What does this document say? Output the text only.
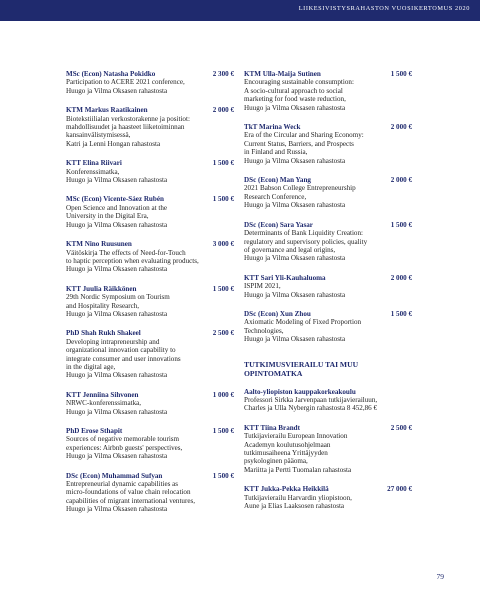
LIIKESIVISTYSRAHASTON VUOSIKERTOMUS 2020
MSc (Econ) Natasha Pokidko	2 300 €
Participation to ACERE 2021 conference,
Huugo ja Vilma Oksasen rahastosta
KTM Markus Raatikainen	2 000 €
Biotekstiilialan verkostorakenne ja positiot:
mahdollisuudet ja haasteet liiketoiminnan
kansainvälistymisessä,
Katri ja Lenni Hongan rahastosta
KTT Elina Riivari	1 500 €
Konferenssimatka,
Huugo ja Vilma Oksasen rahastosta
MSc (Econ) Vicente-Sáez Rubén	1 500 €
Open Science and Innovation at the
University in the Digital Era,
Huugo ja Vilma Oksasen rahastosta
KTM Nino Ruusunen	3 000 €
Väitöskirja The effects of Need-for-Touch
to haptic perception when evaluating products,
Huugo ja Vilma Oksasen rahastosta
KTT Juulia Räikkönen	1 500 €
29th Nordic Symposium on Tourism
and Hospitality Research,
Huugo ja Vilma Oksasen rahastosta
PhD Shah Rukh Shakeel	2 500 €
Developing intrapreneurship and
organizational innovation capability to
integrate consumer and user innovations
in the digital age,
Huugo ja Vilma Oksasen rahastosta
KTT Jenniina Sihvonen	1 000 €
NRWC-konferenssimatka,
Huugo ja Vilma Oksasen rahastosta
PhD Erose Sthapit	1 500 €
Sources of negative memorable tourism
experiences: Airbnb guests' perspectives,
Huugo ja Vilma Oksasen rahastosta
DSc (Econ) Muhammad Sufyan	1 500 €
Entrepreneurial dynamic capabilities as
micro-foundations of value chain relocation
capabilities of migrant international ventures,
Huugo ja Vilma Oksasen rahastosta
KTM Ulla-Maija Sutinen	1 500 €
Encouraging sustainable consumption:
A socio-cultural approach to social
marketing for food waste reduction,
Huugo ja Vilma Oksasen rahastosta
TkT Marina Weck	2 000 €
Era of the Circular and Sharing Economy:
Current Status, Barriers, and Prospects
in Finland and Russia,
Huugo ja Vilma Oksasen rahastosta
DSc (Econ) Man Yang	2 000 €
2021 Babson College Entrepreneurship
Research Conference,
Huugo ja Vilma Oksasen rahastosta
DSc (Econ) Sara Yasar	1 500 €
Determinants of Bank Liquidity Creation:
regulatory and supervisory policies, quality
of governance and legal origins,
Huugo ja Vilma Oksasen rahastosta
KTT Sari Yli-Kauhaluoma	2 000 €
ISPIM 2021,
Huugo ja Vilma Oksasen rahastosta
DSc (Econ) Xun Zhou	1 500 €
Axiomatic Modeling of Fixed Proportion
Technologies,
Huugo ja Vilma Oksasen rahastosta
TUTKIMUSVIERAILU TAI MUU
OPINTOMATKA
Aalto-yliopiston kauppakorkeakoulu
Professori Sirkka Jarvenpaan tutkijavierailuun,
Charles ja Ulla Nybergin rahastosta 8 452,86 €
KTT Tiina Brandt	2 500 €
Tutkijavierailu European Innovation
Academyn koulutusohjelmaan
tutkimusaiheena Yrittäjyyden
psykologinen pääoma,
Mariitta ja Pertti Tuomalan rahastosta
KTT Jukka-Pekka Heikkilä	27 000 €
Tutkijavierailu Harvardin yliopistoon,
Aune ja Elias Laaksosen rahastosta
79
